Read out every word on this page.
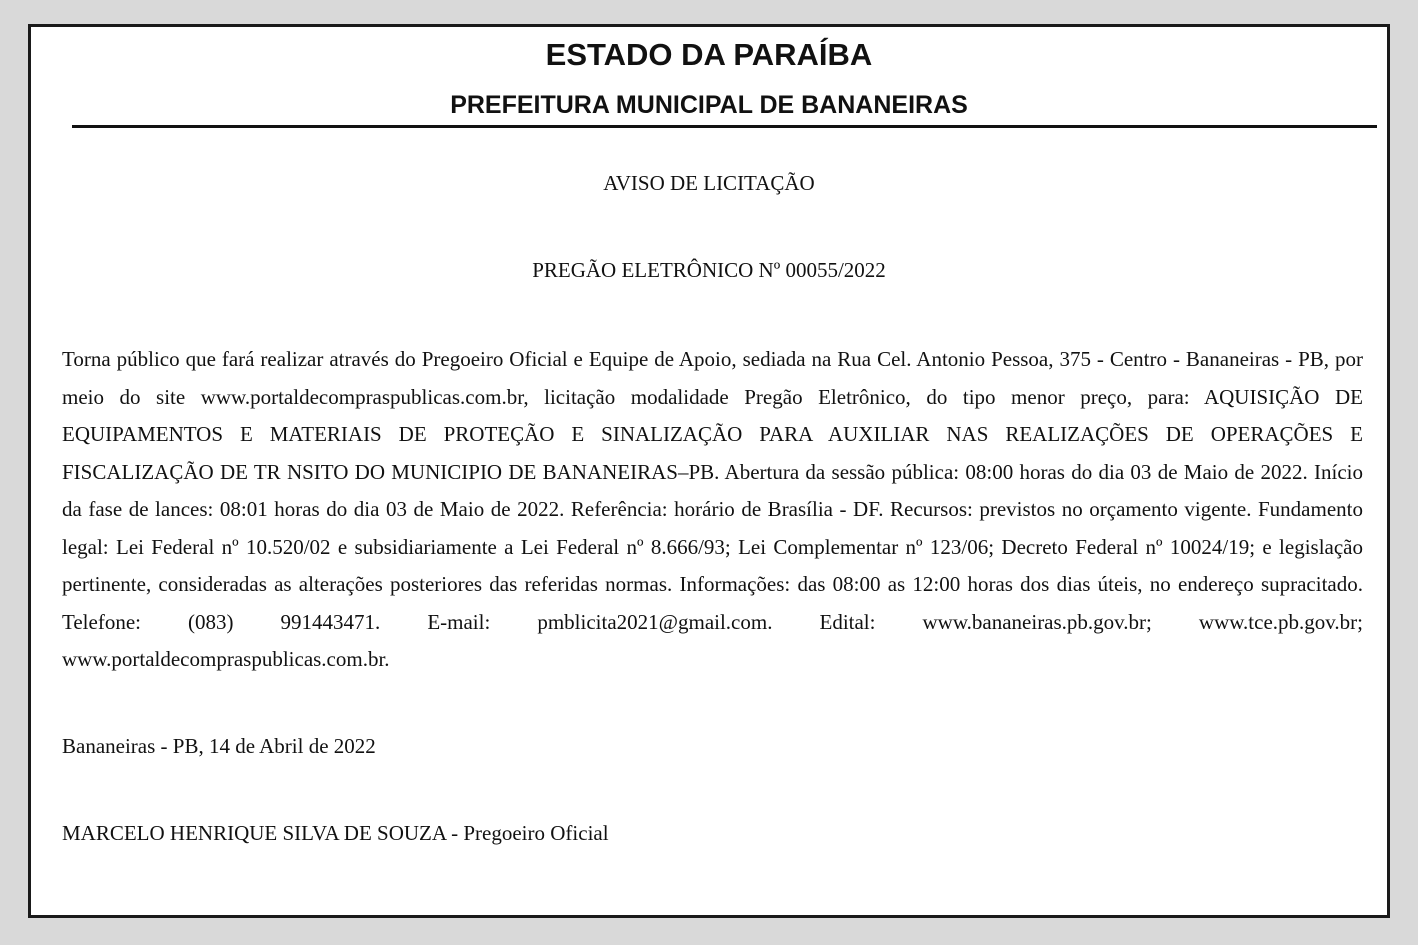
ESTADO DA PARAÍBA
PREFEITURA MUNICIPAL DE BANANEIRAS
AVISO DE LICITAÇÃO
PREGÃO ELETRÔNICO Nº 00055/2022

Torna público que fará realizar através do Pregoeiro Oficial e Equipe de Apoio, sediada na Rua Cel. Antonio Pessoa, 375 - Centro - Bananeiras - PB, por meio do site www.portaldecompraspublicas.com.br, licitação modalidade Pregão Eletrônico, do tipo menor preço, para: AQUISIÇÃO DE EQUIPAMENTOS E MATERIAIS DE PROTEÇÃO E SINALIZAÇÃO PARA AUXILIAR NAS REALIZAÇÕES DE OPERAÇÕES E FISCALIZAÇÃO DE TR NSITO DO MUNICIPIO DE BANANEIRAS–PB. Abertura da sessão pública: 08:00 horas do dia 03 de Maio de 2022. Início da fase de lances: 08:01 horas do dia 03 de Maio de 2022. Referência: horário de Brasília - DF. Recursos: previstos no orçamento vigente. Fundamento legal: Lei Federal nº 10.520/02 e subsidiariamente a Lei Federal nº 8.666/93; Lei Complementar nº 123/06; Decreto Federal nº 10024/19; e legislação pertinente, consideradas as alterações posteriores das referidas normas. Informações: das 08:00 as 12:00 horas dos dias úteis, no endereço supracitado. Telefone: (083) 991443471. E-mail: pmblicita2021@gmail.com. Edital: www.bananeiras.pb.gov.br; www.tce.pb.gov.br; www.portaldecompraspublicas.com.br.

Bananeiras - PB, 14 de Abril de 2022
MARCELO HENRIQUE SILVA DE SOUZA - Pregoeiro Oficial
